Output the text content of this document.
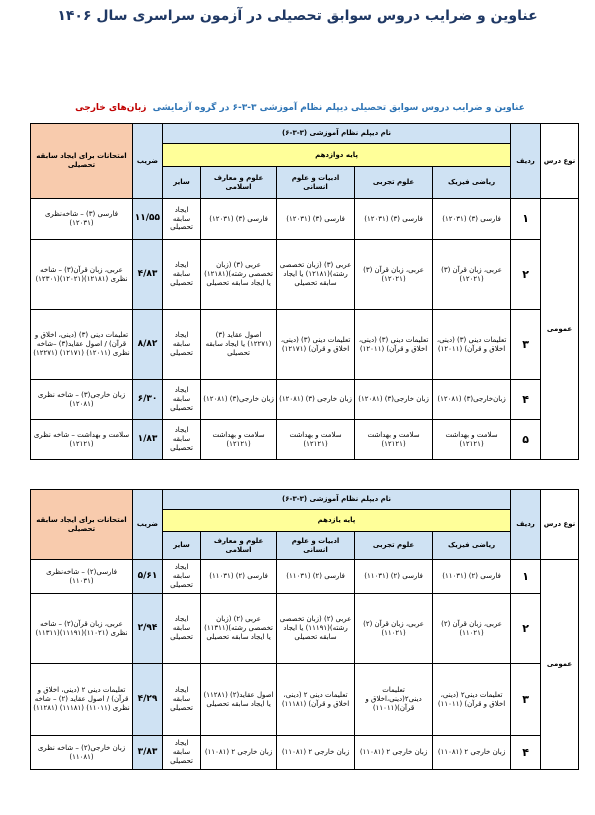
عناوین و ضرایب دروس سوابق تحصیلی در آزمون سراسری سال ۱۴۰۶
عناوین و ضرایب دروس سوابق تحصیلی دیپلم نظام آموزشی ۳-۳-۶ در گروه آزمایشی  زبان‌های خارجی
نوع درس	ردیف	نام دیپلم نظام آموزشی (۳-۳-۶)					ضریب	امتحانات برای ایجاد سابقه تحصیلی
		پایه دوازدهم						
		ریاضی فیزیک	علوم تجربی	ادبیات و علوم انسانی	علوم و معارف اسلامی	سایر		
عمومی	۱	فارسی (۳) (۱۲۰۳۱)	فارسی (۳) (۱۲۰۳۱)	فارسی (۳) (۱۲۰۳۱)	فارسی (۳) (۱۲۰۳۱)	ایجاد سابقه تحصیلی	۱۱/۵۵	فارسی (۳) – شاخه‌نظری (۱۲۰۳۱)
	۲	عربی، زبان قرآن (۳) (۱۲۰۲۱)	عربی، زبان قرآن (۳) (۱۲۰۲۱)	عربی (۳) (زبان تخصصی رشته)(۱۲۱۸۱) یا ایجاد سابقه تحصیلی	عربی (۳) (زبان تخصصی رشته)(۱۲۱۸۱) یا ایجاد سابقه تحصیلی	ایجاد سابقه تحصیلی	۴/۸۳	عربی، زبان قرآن(۳) – شاخه نظری (۱۲۱۸۱)(۱۲۰۲۱)(۱۲۳۰۱)
	۳	تعلیمات دینی (۳) (دینی، اخلاق و قرآن) (۱۲۰۱۱)	تعلیمات دینی (۳) (دینی، اخلاق و قرآن) (۱۲۰۱۱)	تعلیمات دینی (۳) (دینی، اخلاق و قرآن) (۱۲۱۷۱)	اصول عقاید (۳) (۱۲۲۷۱) یا ایجاد سابقه تحصیلی	ایجاد سابقه تحصیلی	۸/۸۲	تعلیمات دینی (۳) (دینی، اخلاق و قرآن) / اصول عقاید(۳) –شاخه نظری (۱۲۰۱۱) (۱۲۱۷۱) (۱۲۲۷۱)
	۴	زبان‌خارجی(۳) (۱۲۰۸۱)	زبان خارجی(۳) (۱۲۰۸۱)	زبان خارجی (۳) (۱۲۰۸۱)	زبان خارجی(۳) (۱۲۰۸۱)	ایجاد سابقه تحصیلی	۶/۳۰	زبان خارجی(۳) – شاخه نظری (۱۲۰۸۱)
	۵	سلامت و بهداشت (۱۲۱۲۱)	سلامت و بهداشت (۱۲۱۲۱)	سلامت و بهداشت (۱۲۱۲۱)	سلامت و بهداشت (۱۲۱۲۱)	ایجاد سابقه تحصیلی	۱/۸۳	سلامت و بهداشت – شاخه نظری (۱۲۱۲۱)
نوع درس	ردیف	نام دیپلم نظام آموزشی (۳-۳-۶)					ضریب	امتحانات برای ایجاد سابقه تحصیلی
		پایه یازدهم						
		ریاضی فیزیک	علوم تجربی	ادبیات و علوم انسانی	علوم و معارف اسلامی	سایر		
عمومی	۱	فارسی (۲) (۱۱۰۳۱)	فارسی (۲) (۱۱۰۳۱)	فارسی (۲) (۱۱۰۳۱)	فارسی (۲) (۱۱۰۳۱)	ایجاد سابقه تحصیلی	۵/۶۱	فارسی(۲) – شاخه‌نظری (۱۱۰۳۱)
	۲	عربی، زبان قرآن (۲) (۱۱۰۲۱)	عربی، زبان قرآن (۲) (۱۱۰۲۱)	عربی (۲) (زبان تخصصی رشته)(۱۱۱۹۱) یا ایجاد سابقه تحصیلی	عربی (۲) (زبان تخصصی رشته)(۱۱۳۱۱) یا ایجاد سابقه تحصیلی	ایجاد سابقه تحصیلی	۲/۹۴	عربی، زبان قرآن(۲) – شاخه نظری (۱۱۰۲۱)(۱۱۱۹۱)(۱۱۳۱۱)
	۳	تعلیمات دینی۲ (دینی، اخلاق و قرآن) (۱۱۰۱۱)	تعلیمات دینی۲(دینی،اخلاق و قرآن)(۱۱۰۱۱)	تعلیمات دینی ۲ (دینی، اخلاق و قرآن) (۱۱۱۸۱)	اصول عقاید(۲) (۱۱۲۸۱) یا ایجاد سابقه تحصیلی	ایجاد سابقه تحصیلی	۴/۲۹	تعلیمات دینی ۲ (دینی، اخلاق و قرآن) / اصول عقاید (۲) – شاخه نظری (۱۱۰۱۱) (۱۱۱۸۱) (۱۱۲۸۱)
	۴	زبان خارجی ۲ (۱۱۰۸۱)	زبان خارجی ۲ (۱۱۰۸۱)	زبان خارجی ۲ (۱۱۰۸۱)	زبان خارجی ۲ (۱۱۰۸۱)	ایجاد سابقه تحصیلی	۳/۸۳	زبان خارجی(۲) – شاخه نظری (۱۱۰۸۱)
